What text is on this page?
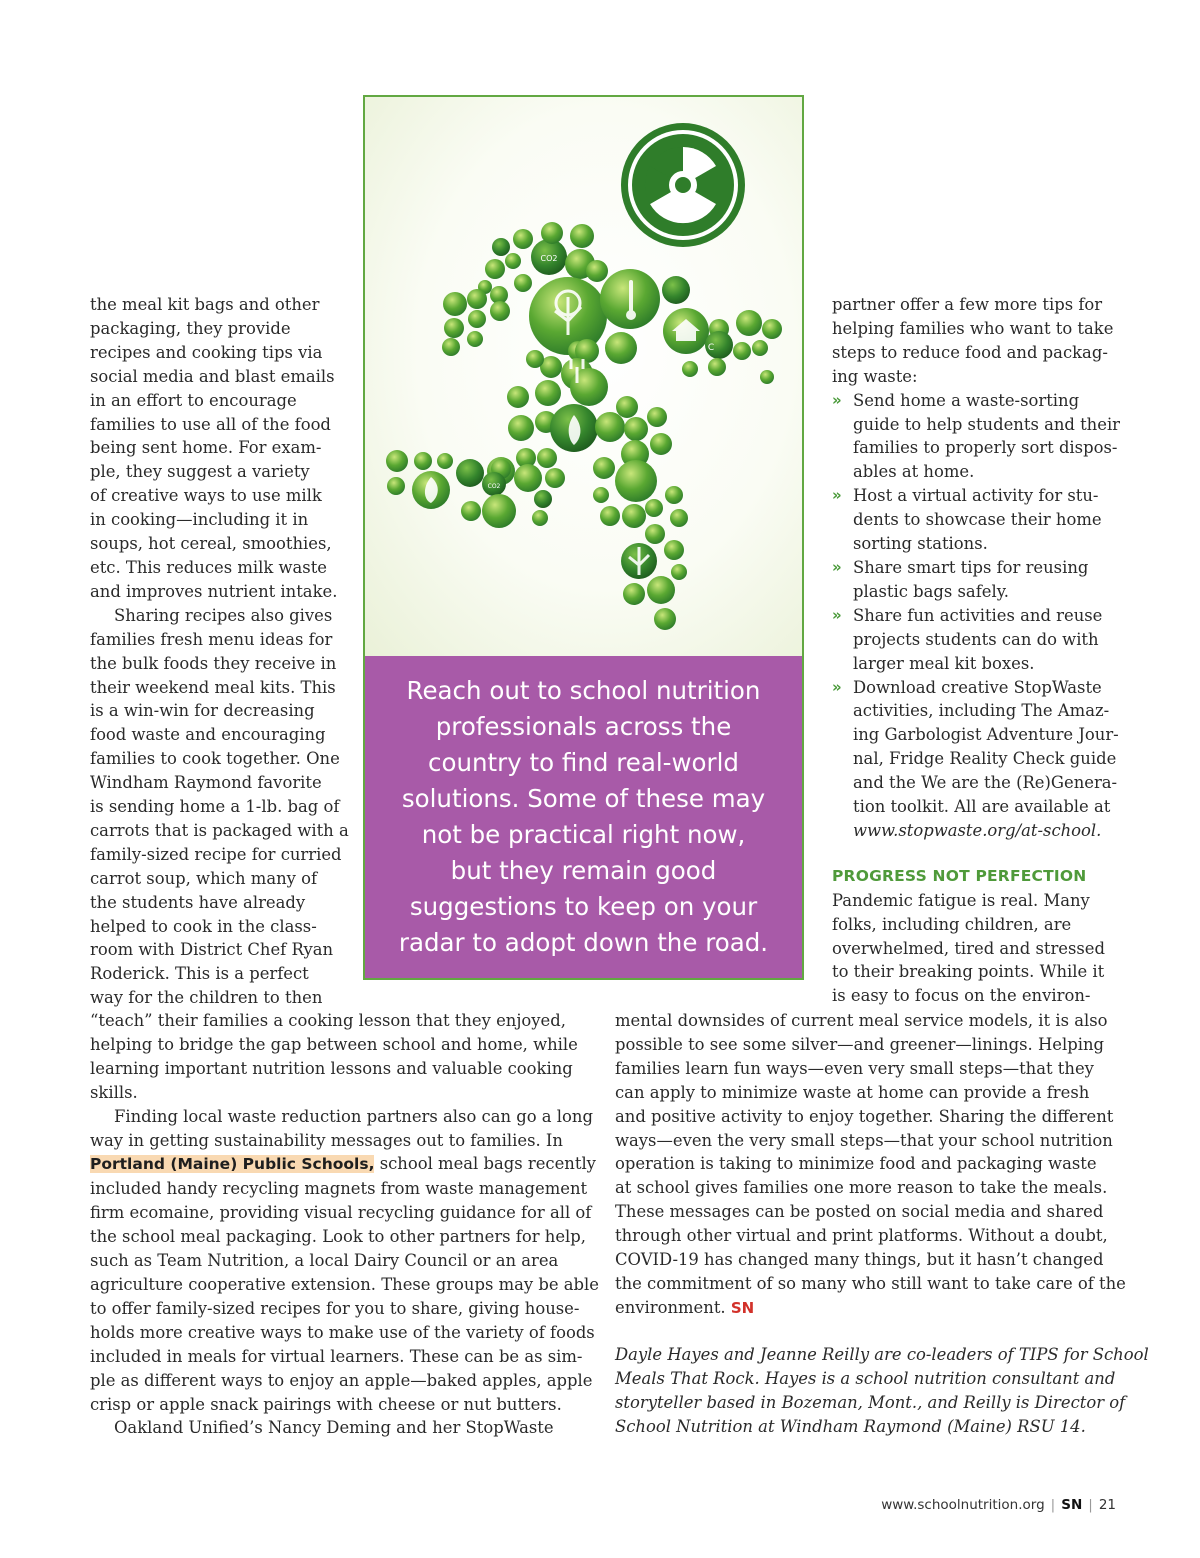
the meal kit bags and other
packaging, they provide
recipes and cooking tips via
social media and blast emails
in an effort to encourage
families to use all of the food
being sent home. For exam-
ple, they suggest a variety
of creative ways to use milk
in cooking—including it in
soups, hot cereal, smoothies,
etc. This reduces milk waste
and improves nutrient intake.
Sharing recipes also gives
families fresh menu ideas for
the bulk foods they receive in
their weekend meal kits. This
is a win-win for decreasing
food waste and encouraging
families to cook together. One
Windham Raymond favorite
is sending home a 1-lb. bag of
carrots that is packaged with a
family-sized recipe for curried
carrot soup, which many of
the students have already
helped to cook in the class-
room with District Chef Ryan
Roderick. This is a perfect
way for the children to then
CO2
C
CO2
Reach out to school nutrition
professionals across the
country to find real-world
solutions. Some of these may
not be practical right now,
but they remain good
suggestions to keep on your
radar to adopt down the road.
partner offer a few more tips for
helping families who want to take
steps to reduce food and packag-
ing waste:
» Send home a waste-sorting
guide to help students and their
families to properly sort dispos-
ables at home.
» Host a virtual activity for stu-
dents to showcase their home
sorting stations.
» Share smart tips for reusing
plastic bags safely.
» Share fun activities and reuse
projects students can do with
larger meal kit boxes.
» Download creative StopWaste
activities, including The Amaz-
ing Garbologist Adventure Jour-
nal, Fridge Reality Check guide
and the We are the (Re)Genera-
tion toolkit. All are available at
www.stopwaste.org/at-school.
PROGRESS NOT PERFECTION
Pandemic fatigue is real. Many
folks, including children, are
overwhelmed, tired and stressed
to their breaking points. While it
is easy to focus on the environ-
“teach” their families a cooking lesson that they enjoyed,
helping to bridge the gap between school and home, while
learning important nutrition lessons and valuable cooking
skills.
Finding local waste reduction partners also can go a long
way in getting sustainability messages out to families. In
Portland (Maine) Public Schools, school meal bags recently
included handy recycling magnets from waste management
firm ecomaine, providing visual recycling guidance for all of
the school meal packaging. Look to other partners for help,
such as Team Nutrition, a local Dairy Council or an area
agriculture cooperative extension. These groups may be able
to offer family-sized recipes for you to share, giving house-
holds more creative ways to make use of the variety of foods
included in meals for virtual learners. These can be as sim-
ple as different ways to enjoy an apple—baked apples, apple
crisp or apple snack pairings with cheese or nut butters.
Oakland Unified’s Nancy Deming and her StopWaste
mental downsides of current meal service models, it is also
possible to see some silver—and greener—linings. Helping
families learn fun ways—even very small steps—that they
can apply to minimize waste at home can provide a fresh
and positive activity to enjoy together. Sharing the different
ways—even the very small steps—that your school nutrition
operation is taking to minimize food and packaging waste
at school gives families one more reason to take the meals.
These messages can be posted on social media and shared
through other virtual and print platforms. Without a doubt,
COVID-19 has changed many things, but it hasn’t changed
the commitment of so many who still want to take care of the
environment. SN
Dayle Hayes and Jeanne Reilly are co-leaders of TIPS for School
Meals That Rock. Hayes is a school nutrition consultant and
storyteller based in Bozeman, Mont., and Reilly is Director of
School Nutrition at Windham Raymond (Maine) RSU 14.
www.schoolnutrition.org | SN | 21
